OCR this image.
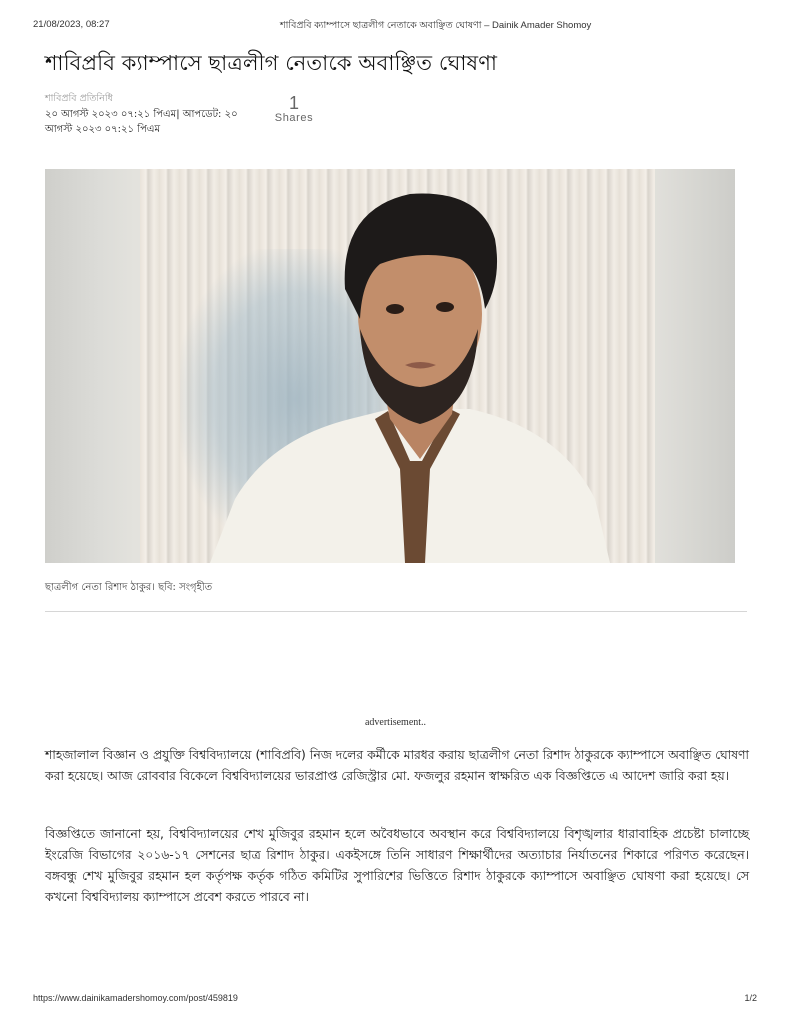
21/08/2023, 08:27	শাবিপ্রবি ক্যাম্পাসে ছাত্রলীগ নেতাকে অবাঞ্ছিত ঘোষণা – Dainik Amader Shomoy
শাবিপ্রবি ক্যাম্পাসে ছাত্রলীগ নেতাকে অবাঞ্ছিত ঘোষণা
শাবিপ্রবি প্রতিনিধি
২০ আগস্ট ২০২৩ ০৭:২১ পিএম| আপডেট: ২০ আগস্ট ২০২৩ ০৭:২১ পিএম
1
Shares
ছাত্রলীগ নেতা রিশাদ ঠাকুর। ছবি: সংগৃহীত
advertisement..

শাহজালাল বিজ্ঞান ও প্রযুক্তি বিশ্ববিদ্যালয়ে (শাবিপ্রবি) নিজ দলের কর্মীকে মারধর করায় ছাত্রলীগ নেতা রিশাদ ঠাকুরকে ক্যাম্পাসে অবাঞ্ছিত ঘোষণা করা হয়েছে। আজ রোববার বিকেলে বিশ্ববিদ্যালয়ের ভারপ্রাপ্ত রেজিস্ট্রার মো. ফজলুর রহমান স্বাক্ষরিত এক বিজ্ঞপ্তিতে এ আদেশ জারি করা হয়।

বিজ্ঞপ্তিতে জানানো হয়, বিশ্ববিদ্যালয়ের শেখ মুজিবুর রহমান হলে অবৈধভাবে অবস্থান করে বিশ্ববিদ্যালয়ে বিশৃঙ্খলার ধারাবাহিক প্রচেষ্টা চালাচ্ছে ইংরেজি বিভাগের ২০১৬-১৭ সেশনের ছাত্র রিশাদ ঠাকুর। একইসঙ্গে তিনি সাধারণ শিক্ষার্থীদের অত্যাচার নির্যাতনের শিকারে পরিণত করেছেন। বঙ্গবন্ধু শেখ মুজিবুর রহমান হল কর্তৃপক্ষ কর্তৃক গঠিত কমিটির সুপারিশের ভিত্তিতে রিশাদ ঠাকুরকে ক্যাম্পাসে অবাঞ্ছিত ঘোষণা করা হয়েছে। সে কখনো বিশ্ববিদ্যালয় ক্যাম্পাসে প্রবেশ করতে পারবে না।

https://www.dainikamadershomoy.com/post/459819	1/2
